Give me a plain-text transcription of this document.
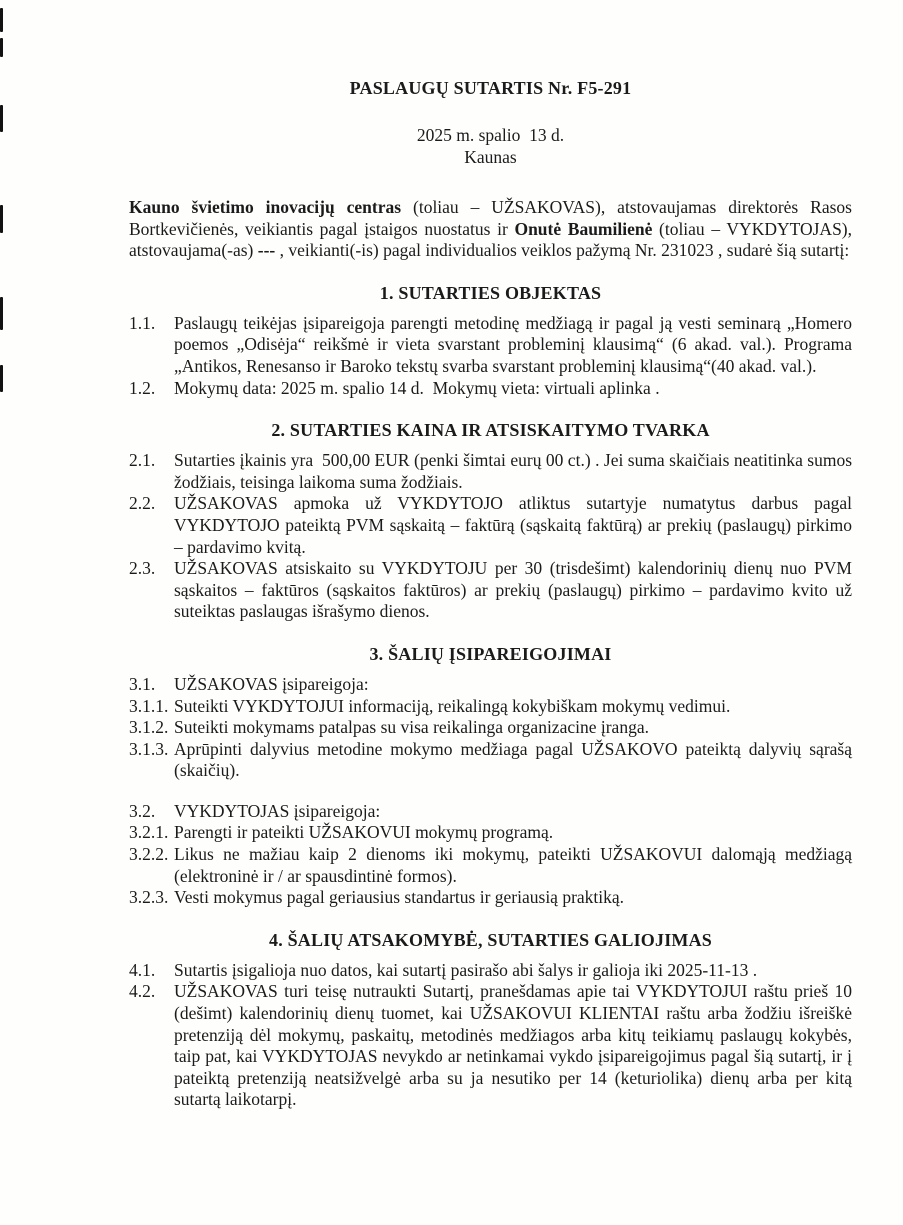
PASLAUGŲ SUTARTIS Nr. F5-291
2025 m. spalio  13 d.
Kaunas

Kauno švietimo inovacijų centras (toliau – UŽSAKOVAS), atstovaujamas direktorės Rasos Bortkevičienės, veikiantis pagal įstaigos nuostatus ir Onutė Baumilienė (toliau – VYKDYTOJAS), atstovaujama(-as) --- , veikianti(-is) pagal individualios veiklos pažymą Nr. 231023 , sudarė šią sutartį:

1. SUTARTIES OBJEKTAS
1.1.	Paslaugų teikėjas įsipareigoja parengti metodinę medžiagą ir pagal ją vesti seminarą „Homero poemos „Odisėja“ reikšmė ir vieta svarstant probleminį klausimą“ (6 akad. val.). Programa „Antikos, Renesanso ir Baroko tekstų svarba svarstant probleminį klausimą“(40 akad. val.).
1.2.	Mokymų data: 2025 m. spalio 14 d.  Mokymų vieta: virtuali aplinka .
2. SUTARTIES KAINA IR ATSISKAITYMO TVARKA
2.1.	Sutarties įkainis yra  500,00 EUR (penki šimtai eurų 00 ct.) . Jei suma skaičiais neatitinka sumos žodžiais, teisinga laikoma suma žodžiais.
2.2.	UŽSAKOVAS apmoka už VYKDYTOJO atliktus sutartyje numatytus darbus pagal VYKDYTOJO pateiktą PVM sąskaitą – faktūrą (sąskaitą faktūrą) ar prekių (paslaugų) pirkimo – pardavimo kvitą.
2.3.	UŽSAKOVAS atsiskaito su VYKDYTOJU per 30 (trisdešimt) kalendorinių dienų nuo PVM sąskaitos – faktūros (sąskaitos faktūros) ar prekių (paslaugų) pirkimo – pardavimo kvito už suteiktas paslaugas išrašymo dienos.
3. ŠALIŲ ĮSIPAREIGOJIMAI
3.1.	UŽSAKOVAS įsipareigoja:
3.1.1. Suteikti VYKDYTOJUI informaciją, reikalingą kokybiškam mokymų vedimui.
3.1.2. Suteikti mokymams patalpas su visa reikalinga organizacine įranga.
3.1.3. Aprūpinti dalyvius metodine mokymo medžiaga pagal UŽSAKOVO pateiktą dalyvių sąrašą (skaičių).
3.2.	VYKDYTOJAS įsipareigoja:
3.2.1. Parengti ir pateikti UŽSAKOVUI mokymų programą.
3.2.2. Likus ne mažiau kaip 2 dienoms iki mokymų, pateikti UŽSAKOVUI dalomąją medžiagą (elektroninė ir / ar spausdintinė formos).
3.2.3. Vesti mokymus pagal geriausius standartus ir geriausią praktiką.
4. ŠALIŲ ATSAKOMYBĖ, SUTARTIES GALIOJIMAS
4.1.	Sutartis įsigalioja nuo datos, kai sutartį pasirašo abi šalys ir galioja iki 2025-11-13 .
4.2.	UŽSAKOVAS turi teisę nutraukti Sutartį, pranešdamas apie tai VYKDYTOJUI raštu prieš 10 (dešimt) kalendorinių dienų tuomet, kai UŽSAKOVUI KLIENTAI raštu arba žodžiu išreiškė pretenziją dėl mokymų, paskaitų, metodinės medžiagos arba kitų teikiamų paslaugų kokybės, taip pat, kai VYKDYTOJAS nevykdo ar netinkamai vykdo įsipareigojimus pagal šią sutartį, ir į pateiktą pretenziją neatsižvelgė arba su ja nesutiko per 14 (keturiolika) dienų arba per kitą sutartą laikotarpį.
